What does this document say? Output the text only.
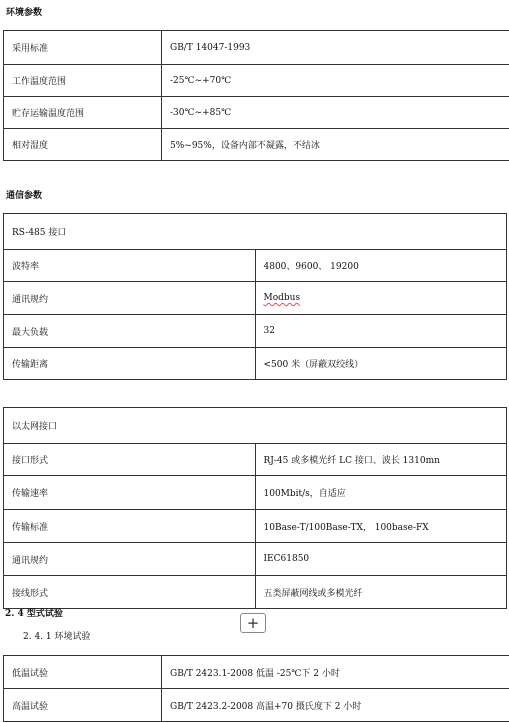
环境参数
采用标准	GB/T 14047-1993
工作温度范围	-25℃~+70℃
贮存运输温度范围	-30℃~+85℃
相对湿度	5%~95%，设备内部不凝露，不结冰
通信参数
RS-485 接口	
波特率	4800、9600、 19200
通讯规约	Modbus
最大负载	32
传输距离	<500 米（屏蔽双绞线）
以太网接口	
接口形式	RJ-45 或多模光纤 LC 接口、波长 1310mn
传输速率	100Mbit/s，自适应
传输标准	10Base-T/100Base-TX， 100base-FX
通讯规约	IEC61850
接线形式	五类屏蔽网线或多模光纤
2. 4 型式试验
2. 4. 1 环境试验
+
低温试验	GB/T 2423.1-2008 低温 -25℃下 2 小时
高温试验	GB/T 2423.2-2008 高温+70 摄氏度下 2 小时
